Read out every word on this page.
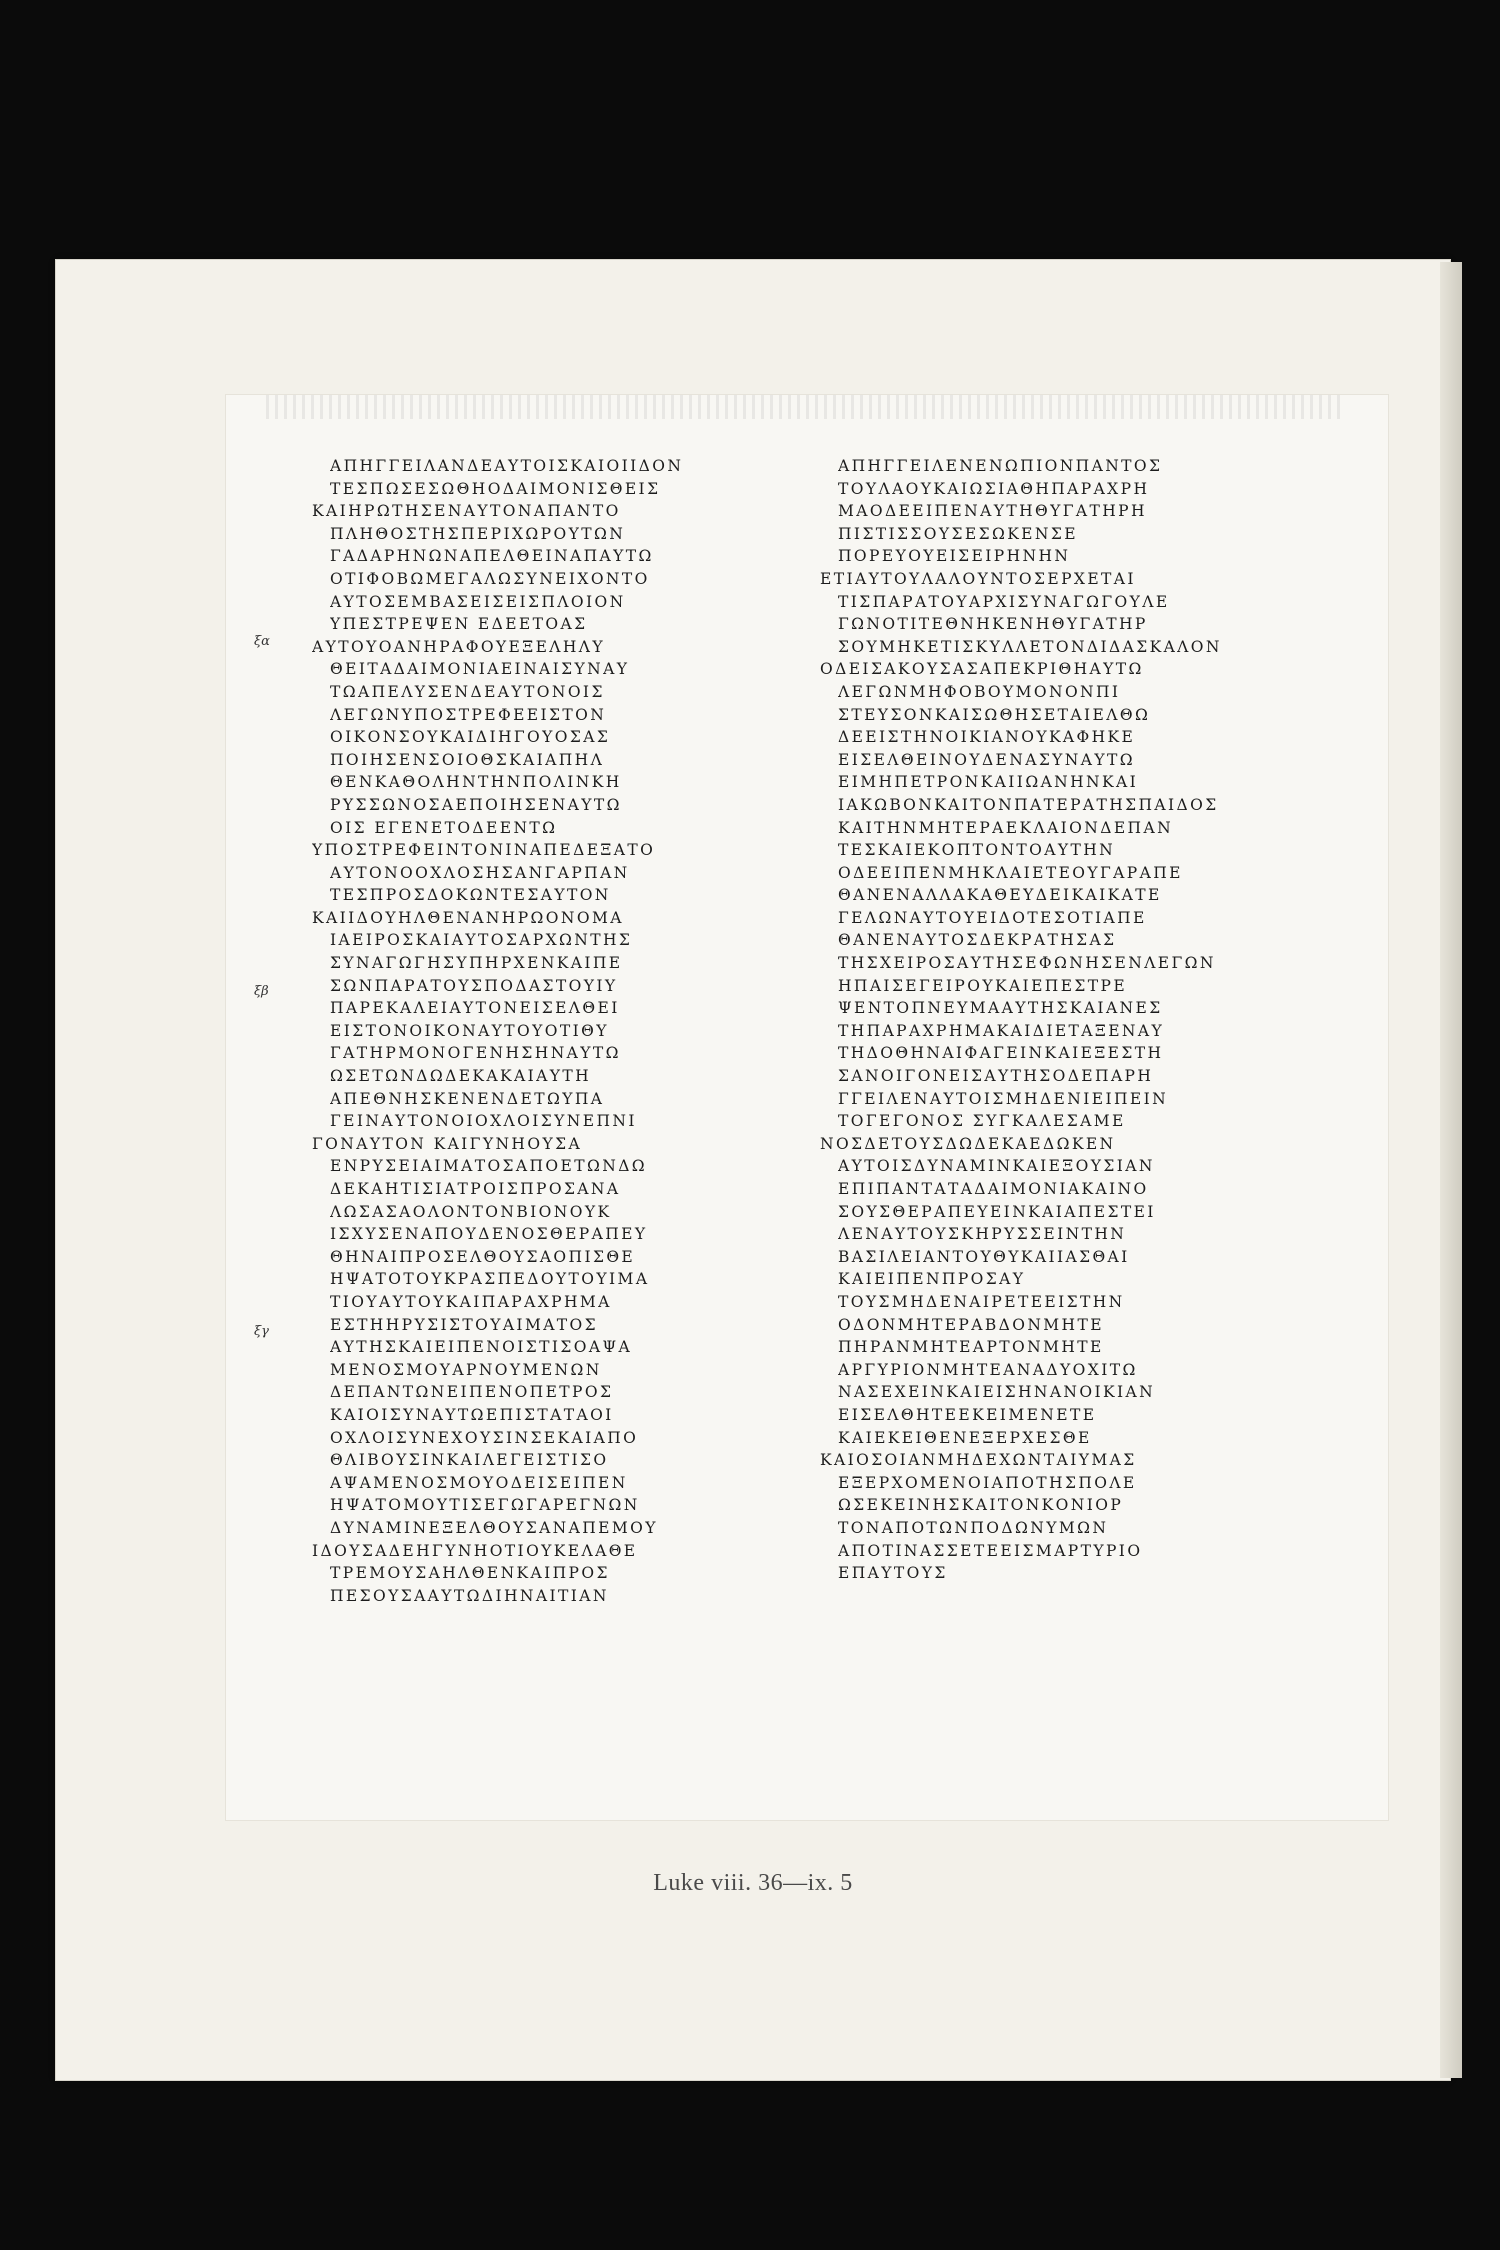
ξα
ξβ
ξγ
ΑΠΗΓΓΕΙΛΑΝΔΕΑΥΤΟΙΣΚΑΙΟΙΙΔΟΝ
ΤΕΣΠΩΣΕΣΩΘΗΟΔΑΙΜΟΝΙΣΘΕΙΣ
ΚΑΙΗΡΩΤΗΣΕΝΑΥΤΟΝΑΠΑΝΤΟ
ΠΛΗΘΟΣΤΗΣΠΕΡΙΧΩΡΟΥΤΩΝ
ΓΑΔΑΡΗΝΩΝΑΠΕΛΘΕΙΝΑΠΑΥΤΩ
ΟΤΙΦΟΒΩΜΕΓΑΛΩΣΥΝΕΙΧΟΝΤΟ
ΑΥΤΟΣΕΜΒΑΣΕΙΣΕΙΣΠΛΟΙΟΝ
ΥΠΕΣΤΡΕΨΕΝ ΕΔΕΕΤΟΑΣ
ΑΥΤΟΥΟΑΝΗΡΑΦΟΥΕΞΕΛΗΛΥ
ΘΕΙΤΑΔΑΙΜΟΝΙΑΕΙΝΑΙΣΥΝΑΥ
ΤΩΑΠΕΛΥΣΕΝΔΕΑΥΤΟΝΟΙΣ
ΛΕΓΩΝΥΠΟΣΤΡΕΦΕΕΙΣΤΟΝ
ΟΙΚΟΝΣΟΥΚΑΙΔΙΗΓΟΥΟΣΑΣ
ΠΟΙΗΣΕΝΣΟΙΟΘΣΚΑΙΑΠΗΛ
ΘΕΝΚΑΘΟΛΗΝΤΗΝΠΟΛΙΝΚΗ
ΡΥΣΣΩΝΟΣΑΕΠΟΙΗΣΕΝΑΥΤΩ
ΟΙΣ ΕΓΕΝΕΤΟΔΕΕΝΤΩ
ΥΠΟΣΤΡΕΦΕΙΝΤΟΝΙΝΑΠΕΔΕΞΑΤΟ
ΑΥΤΟΝΟΟΧΛΟΣΗΣΑΝΓΑΡΠΑΝ
ΤΕΣΠΡΟΣΔΟΚΩΝΤΕΣΑΥΤΟΝ
ΚΑΙΙΔΟΥΗΛΘΕΝΑΝΗΡΩΟΝΟΜΑ
ΙΑΕΙΡΟΣΚΑΙΑΥΤΟΣΑΡΧΩΝΤΗΣ
ΣΥΝΑΓΩΓΗΣΥΠΗΡΧΕΝΚΑΙΠΕ
ΣΩΝΠΑΡΑΤΟΥΣΠΟΔΑΣΤΟΥΙΥ
ΠΑΡΕΚΑΛΕΙΑΥΤΟΝΕΙΣΕΛΘΕΙ
ΕΙΣΤΟΝΟΙΚΟΝΑΥΤΟΥΟΤΙΘΥ
ΓΑΤΗΡΜΟΝΟΓΕΝΗΣΗΝΑΥΤΩ
ΩΣΕΤΩΝΔΩΔΕΚΑΚΑΙΑΥΤΗ
ΑΠΕΘΝΗΣΚΕΝΕΝΔΕΤΩΥΠΑ
ΓΕΙΝΑΥΤΟΝΟΙΟΧΛΟΙΣΥΝΕΠΝΙ
ΓΟΝΑΥΤΟΝ ΚΑΙΓΥΝΗΟΥΣΑ
ΕΝΡΥΣΕΙΑΙΜΑΤΟΣΑΠΟΕΤΩΝΔΩ
ΔΕΚΑΗΤΙΣΙΑΤΡΟΙΣΠΡΟΣΑΝΑ
ΛΩΣΑΣΑΟΛΟΝΤΟΝΒΙΟΝΟΥΚ
ΙΣΧΥΣΕΝΑΠΟΥΔΕΝΟΣΘΕΡΑΠΕΥ
ΘΗΝΑΙΠΡΟΣΕΛΘΟΥΣΑΟΠΙΣΘΕ
ΗΨΑΤΟΤΟΥΚΡΑΣΠΕΔΟΥΤΟΥΙΜΑ
ΤΙΟΥΑΥΤΟΥΚΑΙΠΑΡΑΧΡΗΜΑ
ΕΣΤΗΗΡΥΣΙΣΤΟΥΑΙΜΑΤΟΣ
ΑΥΤΗΣΚΑΙΕΙΠΕΝΟΙΣΤΙΣΟΑΨΑ
ΜΕΝΟΣΜΟΥΑΡΝΟΥΜΕΝΩΝ
ΔΕΠΑΝΤΩΝΕΙΠΕΝΟΠΕΤΡΟΣ
ΚΑΙΟΙΣΥΝΑΥΤΩΕΠΙΣΤΑΤΑΟΙ
ΟΧΛΟΙΣΥΝΕΧΟΥΣΙΝΣΕΚΑΙΑΠΟ
ΘΛΙΒΟΥΣΙΝΚΑΙΛΕΓΕΙΣΤΙΣΟ
ΑΨΑΜΕΝΟΣΜΟΥΟΔΕΙΣΕΙΠΕΝ
ΗΨΑΤΟΜΟΥΤΙΣΕΓΩΓΑΡΕΓΝΩΝ
ΔΥΝΑΜΙΝΕΞΕΛΘΟΥΣΑΝΑΠΕΜΟΥ
ΙΔΟΥΣΑΔΕΗΓΥΝΗΟΤΙΟΥΚΕΛΑΘΕ
ΤΡΕΜΟΥΣΑΗΛΘΕΝΚΑΙΠΡΟΣ
ΠΕΣΟΥΣΑΑΥΤΩΔΙΗΝΑΙΤΙΑΝ
ΑΠΗΓΓΕΙΛΕΝΕΝΩΠΙΟΝΠΑΝΤΟΣ
ΤΟΥΛΑΟΥΚΑΙΩΣΙΑΘΗΠΑΡΑΧΡΗ
ΜΑΟΔΕΕΙΠΕΝΑΥΤΗΘΥΓΑΤΗΡΗ
ΠΙΣΤΙΣΣΟΥΣΕΣΩΚΕΝΣΕ
ΠΟΡΕΥΟΥΕΙΣΕΙΡΗΝΗΝ
ΕΤΙΑΥΤΟΥΛΑΛΟΥΝΤΟΣΕΡΧΕΤΑΙ
ΤΙΣΠΑΡΑΤΟΥΑΡΧΙΣΥΝΑΓΩΓΟΥΛΕ
ΓΩΝΟΤΙΤΕΘΝΗΚΕΝΗΘΥΓΑΤΗΡ
ΣΟΥΜΗΚΕΤΙΣΚΥΛΛΕΤΟΝΔΙΔΑΣΚΑΛΟΝ
ΟΔΕΙΣΑΚΟΥΣΑΣΑΠΕΚΡΙΘΗΑΥΤΩ
ΛΕΓΩΝΜΗΦΟΒΟΥΜΟΝΟΝΠΙ
ΣΤΕΥΣΟΝΚΑΙΣΩΘΗΣΕΤΑΙΕΛΘΩ
ΔΕΕΙΣΤΗΝΟΙΚΙΑΝΟΥΚΑΦΗΚΕ
ΕΙΣΕΛΘΕΙΝΟΥΔΕΝΑΣΥΝΑΥΤΩ
ΕΙΜΗΠΕΤΡΟΝΚΑΙΙΩΑΝΗΝΚΑΙ
ΙΑΚΩΒΟΝΚΑΙΤΟΝΠΑΤΕΡΑΤΗΣΠΑΙΔΟΣ
ΚΑΙΤΗΝΜΗΤΕΡΑΕΚΛΑΙΟΝΔΕΠΑΝ
ΤΕΣΚΑΙΕΚΟΠΤΟΝΤΟΑΥΤΗΝ
ΟΔΕΕΙΠΕΝΜΗΚΛΑΙΕΤΕΟΥΓΑΡΑΠΕ
ΘΑΝΕΝΑΛΛΑΚΑΘΕΥΔΕΙΚΑΙΚΑΤΕ
ΓΕΛΩΝΑΥΤΟΥΕΙΔΟΤΕΣΟΤΙΑΠΕ
ΘΑΝΕΝΑΥΤΟΣΔΕΚΡΑΤΗΣΑΣ
ΤΗΣΧΕΙΡΟΣΑΥΤΗΣΕΦΩΝΗΣΕΝΛΕΓΩΝ
ΗΠΑΙΣΕΓΕΙΡΟΥΚΑΙΕΠΕΣΤΡΕ
ΨΕΝΤΟΠΝΕΥΜΑΑΥΤΗΣΚΑΙΑΝΕΣ
ΤΗΠΑΡΑΧΡΗΜΑΚΑΙΔΙΕΤΑΞΕΝΑΥ
ΤΗΔΟΘΗΝΑΙΦΑΓΕΙΝΚΑΙΕΞΕΣΤΗ
ΣΑΝΟΙΓΟΝΕΙΣΑΥΤΗΣΟΔΕΠΑΡΗ
ΓΓΕΙΛΕΝΑΥΤΟΙΣΜΗΔΕΝΙΕΙΠΕΙΝ
ΤΟΓΕΓΟΝΟΣ ΣΥΓΚΑΛΕΣΑΜΕ
ΝΟΣΔΕΤΟΥΣΔΩΔΕΚΑΕΔΩΚΕΝ
ΑΥΤΟΙΣΔΥΝΑΜΙΝΚΑΙΕΞΟΥΣΙΑΝ
ΕΠΙΠΑΝΤΑΤΑΔΑΙΜΟΝΙΑΚΑΙΝΟ
ΣΟΥΣΘΕΡΑΠΕΥΕΙΝΚΑΙΑΠΕΣΤΕΙ
ΛΕΝΑΥΤΟΥΣΚΗΡΥΣΣΕΙΝΤΗΝ
ΒΑΣΙΛΕΙΑΝΤΟΥΘΥΚΑΙΙΑΣΘΑΙ
ΚΑΙΕΙΠΕΝΠΡΟΣΑΥ
ΤΟΥΣΜΗΔΕΝΑΙΡΕΤΕΕΙΣΤΗΝ
ΟΔΟΝΜΗΤΕΡΑΒΔΟΝΜΗΤΕ
ΠΗΡΑΝΜΗΤΕΑΡΤΟΝΜΗΤΕ
ΑΡΓΥΡΙΟΝΜΗΤΕΑΝΑΔΥΟΧΙΤΩ
ΝΑΣΕΧΕΙΝΚΑΙΕΙΣΗΝΑΝΟΙΚΙΑΝ
ΕΙΣΕΛΘΗΤΕΕΚΕΙΜΕΝΕΤΕ
ΚΑΙΕΚΕΙΘΕΝΕΞΕΡΧΕΣΘΕ
ΚΑΙΟΣΟΙΑΝΜΗΔΕΧΩΝΤΑΙΥΜΑΣ
ΕΞΕΡΧΟΜΕΝΟΙΑΠΟΤΗΣΠΟΛΕ
ΩΣΕΚΕΙΝΗΣΚΑΙΤΟΝΚΟΝΙΟΡ
ΤΟΝΑΠΟΤΩΝΠΟΔΩΝΥΜΩΝ
ΑΠΟΤΙΝΑΣΣΕΤΕΕΙΣΜΑΡΤΥΡΙΟ
ΕΠΑΥΤΟΥΣ
Luke viii. 36—ix. 5
